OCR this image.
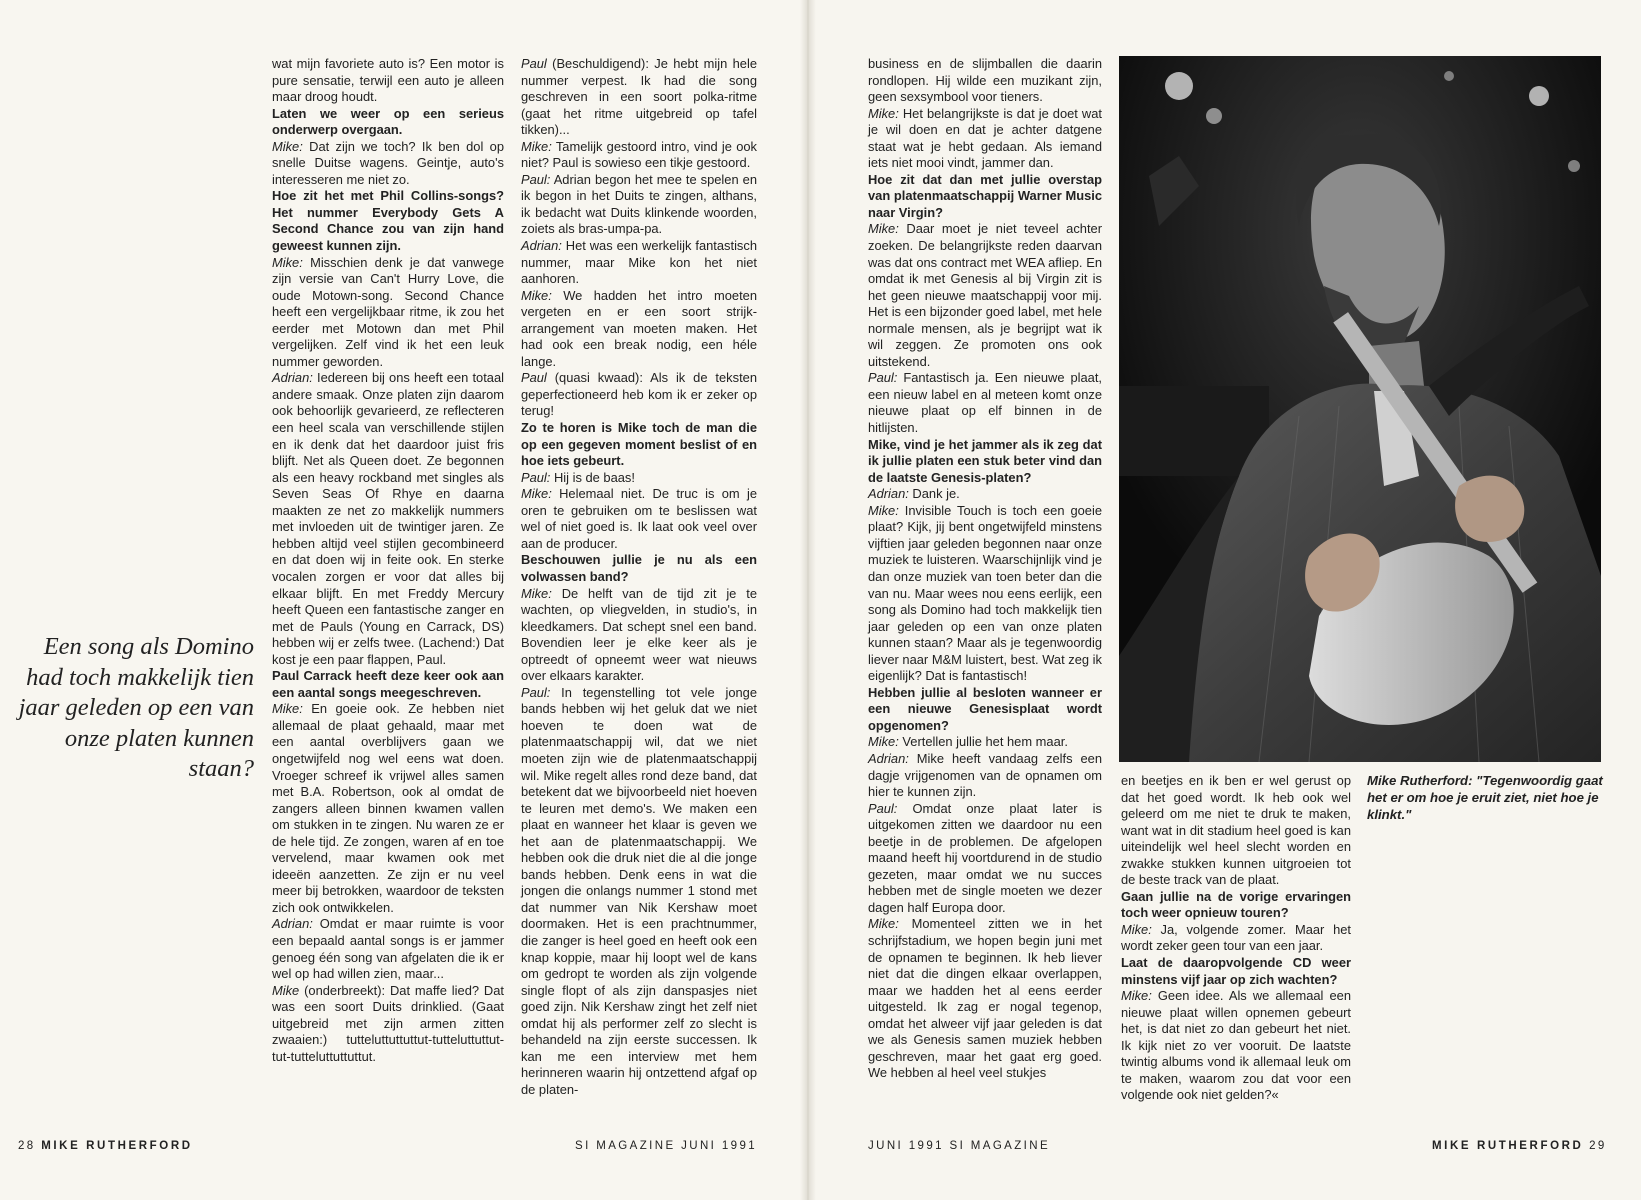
Een song als Domino had toch makkelijk tien jaar geleden op een van onze platen kunnen staan?

wat mijn favoriete auto is? Een motor is pure sensatie, terwijl een auto je alleen maar droog houdt.

Laten we weer op een serieus onderwerp overgaan.

Mike: Dat zijn we toch? Ik ben dol op snelle Duitse wagens. Geintje, auto's interesseren me niet zo.

Hoe zit het met Phil Collins-songs? Het nummer Everybody Gets A Second Chance zou van zijn hand geweest kunnen zijn.

Mike: Misschien denk je dat vanwege zijn versie van Can't Hurry Love, die oude Motown-song. Second Chance heeft een vergelijkbaar ritme, ik zou het eerder met Motown dan met Phil vergelijken. Zelf vind ik het een leuk nummer geworden.

Adrian: Iedereen bij ons heeft een totaal andere smaak. Onze platen zijn daarom ook behoorlijk gevarieerd, ze reflecteren een heel scala van verschillende stijlen en ik denk dat het daardoor juist fris blijft. Net als Queen doet. Ze begonnen als een heavy rockband met singles als Seven Seas Of Rhye en daarna maakten ze net zo makkelijk nummers met invloeden uit de twintiger jaren. Ze hebben altijd veel stijlen gecombineerd en dat doen wij in feite ook. En sterke vocalen zorgen er voor dat alles bij elkaar blijft. En met Freddy Mercury heeft Queen een fantastische zanger en met de Pauls (Young en Carrack, DS) hebben wij er zelfs twee. (Lachend:) Dat kost je een paar flappen, Paul.

Paul Carrack heeft deze keer ook aan een aantal songs meegeschreven.

Mike: En goeie ook. Ze hebben niet allemaal de plaat gehaald, maar met een aantal overblijvers gaan we ongetwijfeld nog wel eens wat doen. Vroeger schreef ik vrijwel alles samen met B.A. Robertson, ook al omdat de zangers alleen binnen kwamen vallen om stukken in te zingen. Nu waren ze er de hele tijd. Ze zongen, waren af en toe vervelend, maar kwamen ook met ideeën aanzetten. Ze zijn er nu veel meer bij betrokken, waardoor de teksten zich ook ontwikkelen.

Adrian: Omdat er maar ruimte is voor een bepaald aantal songs is er jammer genoeg één song van afgelaten die ik er wel op had willen zien, maar...

Mike (onderbreekt): Dat maffe lied? Dat was een soort Duits drinklied. (Gaat uitgebreid met zijn armen zitten zwaaien:) tutteluttuttuttut-tutteluttuttut-tut-tutteluttuttuttut.

Paul (Beschuldigend): Je hebt mijn hele nummer verpest. Ik had die song geschreven in een soort polka-ritme (gaat het ritme uitgebreid op tafel tikken)...

Mike: Tamelijk gestoord intro, vind je ook niet? Paul is sowieso een tikje gestoord.

Paul: Adrian begon het mee te spelen en ik begon in het Duits te zingen, althans, ik bedacht wat Duits klinkende woorden, zoiets als bras-umpa-pa.

Adrian: Het was een werkelijk fantastisch nummer, maar Mike kon het niet aanhoren.

Mike: We hadden het intro moeten vergeten en er een soort strijk-arrangement van moeten maken. Het had ook een break nodig, een héle lange.

Paul (quasi kwaad): Als ik de teksten geperfectioneerd heb kom ik er zeker op terug!

Zo te horen is Mike toch de man die op een gegeven moment beslist of en hoe iets gebeurt.

Paul: Hij is de baas!

Mike: Helemaal niet. De truc is om je oren te gebruiken om te beslissen wat wel of niet goed is. Ik laat ook veel over aan de producer.

Beschouwen jullie je nu als een volwassen band?

Mike: De helft van de tijd zit je te wachten, op vliegvelden, in studio's, in kleedkamers. Dat schept snel een band. Bovendien leer je elke keer als je optreedt of opneemt weer wat nieuws over elkaars karakter.

Paul: In tegenstelling tot vele jonge bands hebben wij het geluk dat we niet hoeven te doen wat de platenmaatschappij wil, dat we niet moeten zijn wie de platenmaatschappij wil. Mike regelt alles rond deze band, dat betekent dat we bijvoorbeeld niet hoeven te leuren met demo's. We maken een plaat en wanneer het klaar is geven we het aan de platenmaatschappij. We hebben ook die druk niet die al die jonge bands hebben. Denk eens in wat die jongen die onlangs nummer 1 stond met dat nummer van Nik Kershaw moet doormaken. Het is een prachtnummer, die zanger is heel goed en heeft ook een knap koppie, maar hij loopt wel de kans om gedropt te worden als zijn volgende single flopt of als zijn danspasjes niet goed zijn. Nik Kershaw zingt het zelf niet omdat hij als performer zelf zo slecht is behandeld na zijn eerste successen. Ik kan me een interview met hem herinneren waarin hij ontzettend afgaf op de platen-

business en de slijmballen die daarin rondlopen. Hij wilde een muzikant zijn, geen sexsymbool voor tieners.

Mike: Het belangrijkste is dat je doet wat je wil doen en dat je achter datgene staat wat je hebt gedaan. Als iemand iets niet mooi vindt, jammer dan.

Hoe zit dat dan met jullie overstap van platenmaatschappij Warner Music naar Virgin?

Mike: Daar moet je niet teveel achter zoeken. De belangrijkste reden daarvan was dat ons contract met WEA afliep. En omdat ik met Genesis al bij Virgin zit is het geen nieuwe maatschappij voor mij. Het is een bijzonder goed label, met hele normale mensen, als je begrijpt wat ik wil zeggen. Ze promoten ons ook uitstekend.

Paul: Fantastisch ja. Een nieuwe plaat, een nieuw label en al meteen komt onze nieuwe plaat op elf binnen in de hitlijsten.

Mike, vind je het jammer als ik zeg dat ik jullie platen een stuk beter vind dan de laatste Genesis-platen?

Adrian: Dank je.

Mike: Invisible Touch is toch een goeie plaat? Kijk, jij bent ongetwijfeld minstens vijftien jaar geleden begonnen naar onze muziek te luisteren. Waarschijnlijk vind je dan onze muziek van toen beter dan die van nu. Maar wees nou eens eerlijk, een song als Domino had toch makkelijk tien jaar geleden op een van onze platen kunnen staan? Maar als je tegenwoordig liever naar M&M luistert, best. Wat zeg ik eigenlijk? Dat is fantastisch!

Hebben jullie al besloten wanneer er een nieuwe Genesisplaat wordt opgenomen?

Mike: Vertellen jullie het hem maar.

Adrian: Mike heeft vandaag zelfs een dagje vrijgenomen van de opnamen om hier te kunnen zijn.

Paul: Omdat onze plaat later is uitgekomen zitten we daardoor nu een beetje in de problemen. De afgelopen maand heeft hij voortdurend in de studio gezeten, maar omdat we nu succes hebben met de single moeten we dezer dagen half Europa door.

Mike: Momenteel zitten we in het schrijfstadium, we hopen begin juni met de opnamen te beginnen. Ik heb liever niet dat die dingen elkaar overlappen, maar we hadden het al eens eerder uitgesteld. Ik zag er nogal tegenop, omdat het alweer vijf jaar geleden is dat we als Genesis samen muziek hebben geschreven, maar het gaat erg goed. We hebben al heel veel stukjes

en beetjes en ik ben er wel gerust op dat het goed wordt. Ik heb ook wel geleerd om me niet te druk te maken, want wat in dit stadium heel goed is kan uiteindelijk wel heel slecht worden en zwakke stukken kunnen uitgroeien tot de beste track van de plaat.

Gaan jullie na de vorige ervaringen toch weer opnieuw touren?

Mike: Ja, volgende zomer. Maar het wordt zeker geen tour van een jaar.

Laat de daaropvolgende CD weer minstens vijf jaar op zich wachten?

Mike: Geen idee. Als we allemaal een nieuwe plaat willen opnemen gebeurt het, is dat niet zo dan gebeurt het niet. Ik kijk niet zo ver vooruit. De laatste twintig albums vond ik allemaal leuk om te maken, waarom zou dat voor een volgende ook niet gelden?«

Mike Rutherford: "Tegenwoordig gaat het er om hoe je eruit ziet, niet hoe je klinkt."

28 MIKE RUTHERFORD	SI MAGAZINE JUNI 1991	JUNI 1991 SI MAGAZINE	MIKE RUTHERFORD 29
